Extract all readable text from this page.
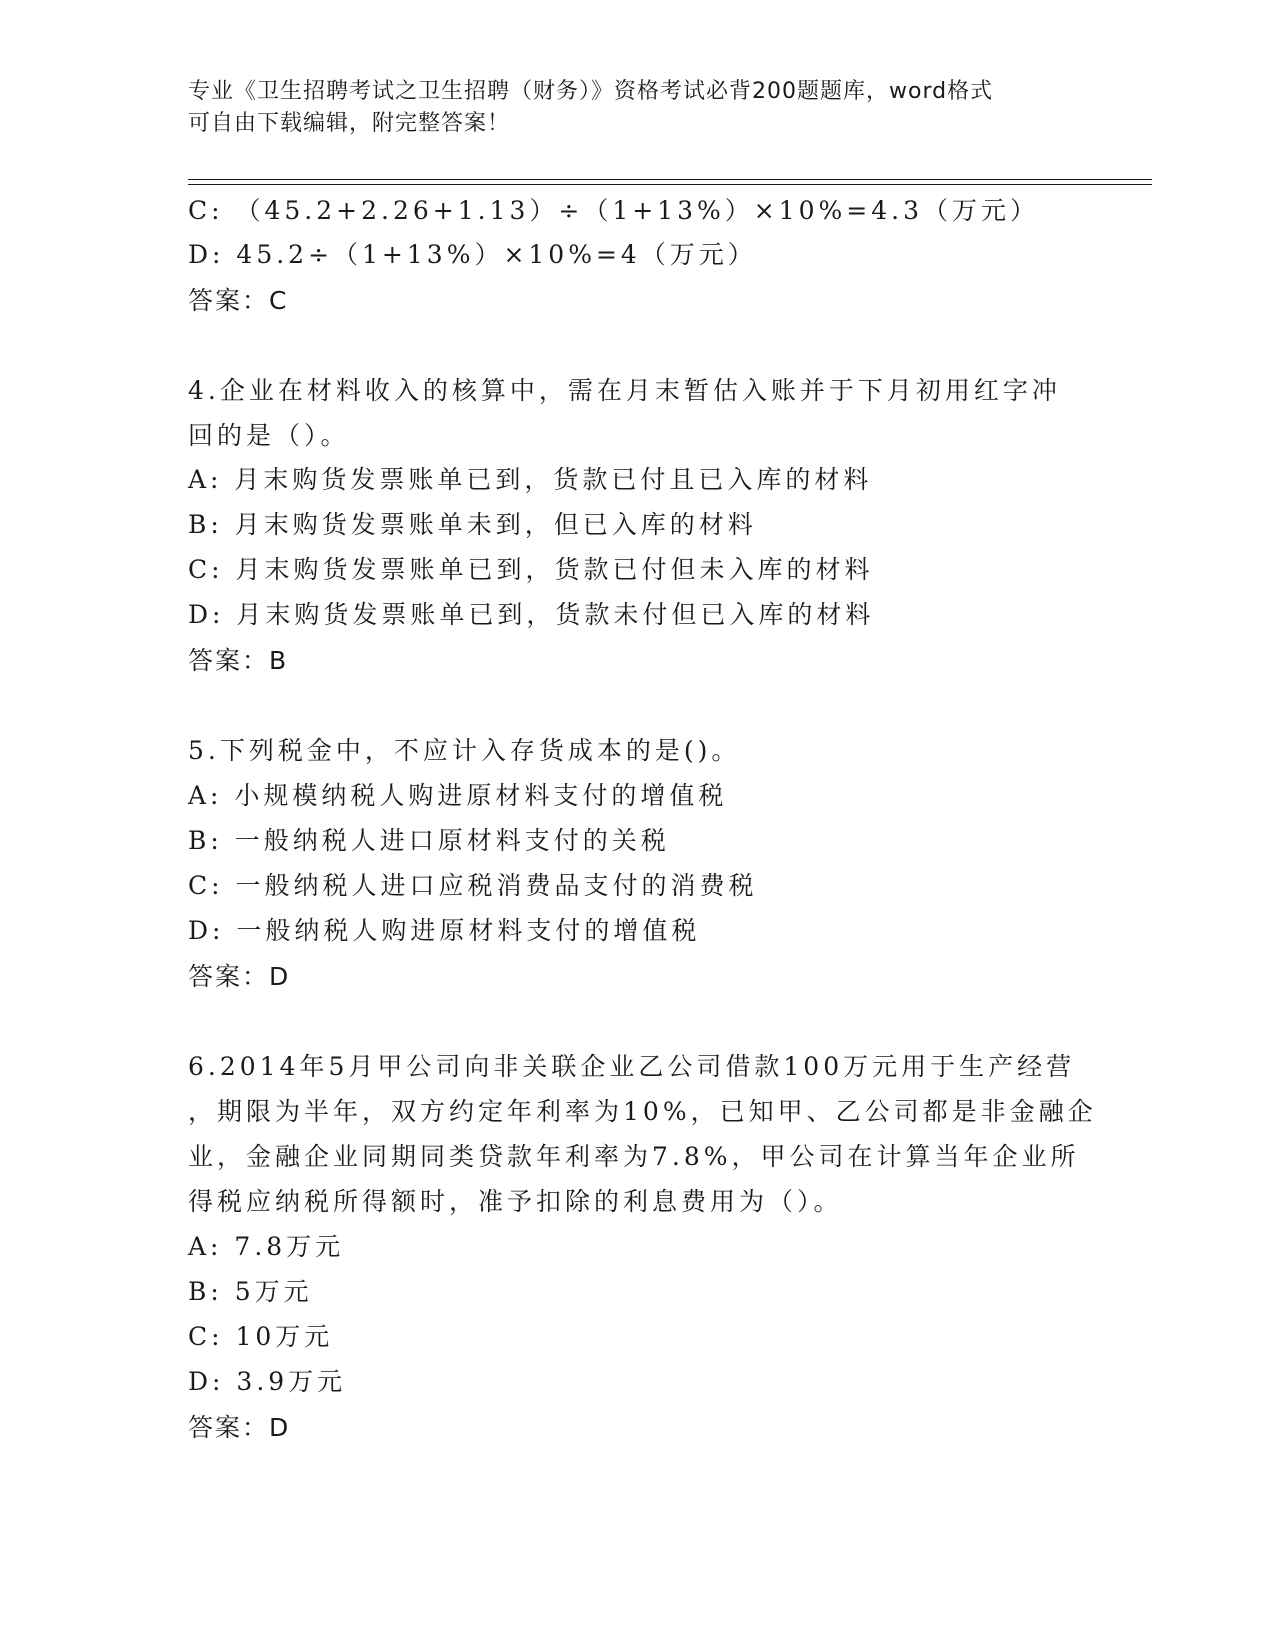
专业《卫生招聘考试之卫生招聘（财务）》资格考试必背200题题库，word格式
可自由下载编辑，附完整答案！
C: （45.2+2.26+1.13）÷（1+13%）×10%=4.3（万元）
D: 45.2÷（1+13%）×10%=4（万元）
答案：C
4.企业在材料收入的核算中，需在月末暂估入账并于下月初用红字冲
回的是（）。
A: 月末购货发票账单已到，货款已付且已入库的材料
B: 月末购货发票账单未到，但已入库的材料
C: 月末购货发票账单已到，货款已付但未入库的材料
D: 月末购货发票账单已到，货款未付但已入库的材料
答案：B
5.下列税金中，不应计入存货成本的是()。
A: 小规模纳税人购进原材料支付的增值税
B: 一般纳税人进口原材料支付的关税
C: 一般纳税人进口应税消费品支付的消费税
D: 一般纳税人购进原材料支付的增值税
答案：D
6.2014年5月甲公司向非关联企业乙公司借款100万元用于生产经营
，期限为半年，双方约定年利率为10%，已知甲、乙公司都是非金融企
业，金融企业同期同类贷款年利率为7.8%，甲公司在计算当年企业所
得税应纳税所得额时，准予扣除的利息费用为（）。
A: 7.8万元
B: 5万元
C: 10万元
D: 3.9万元
答案：D
